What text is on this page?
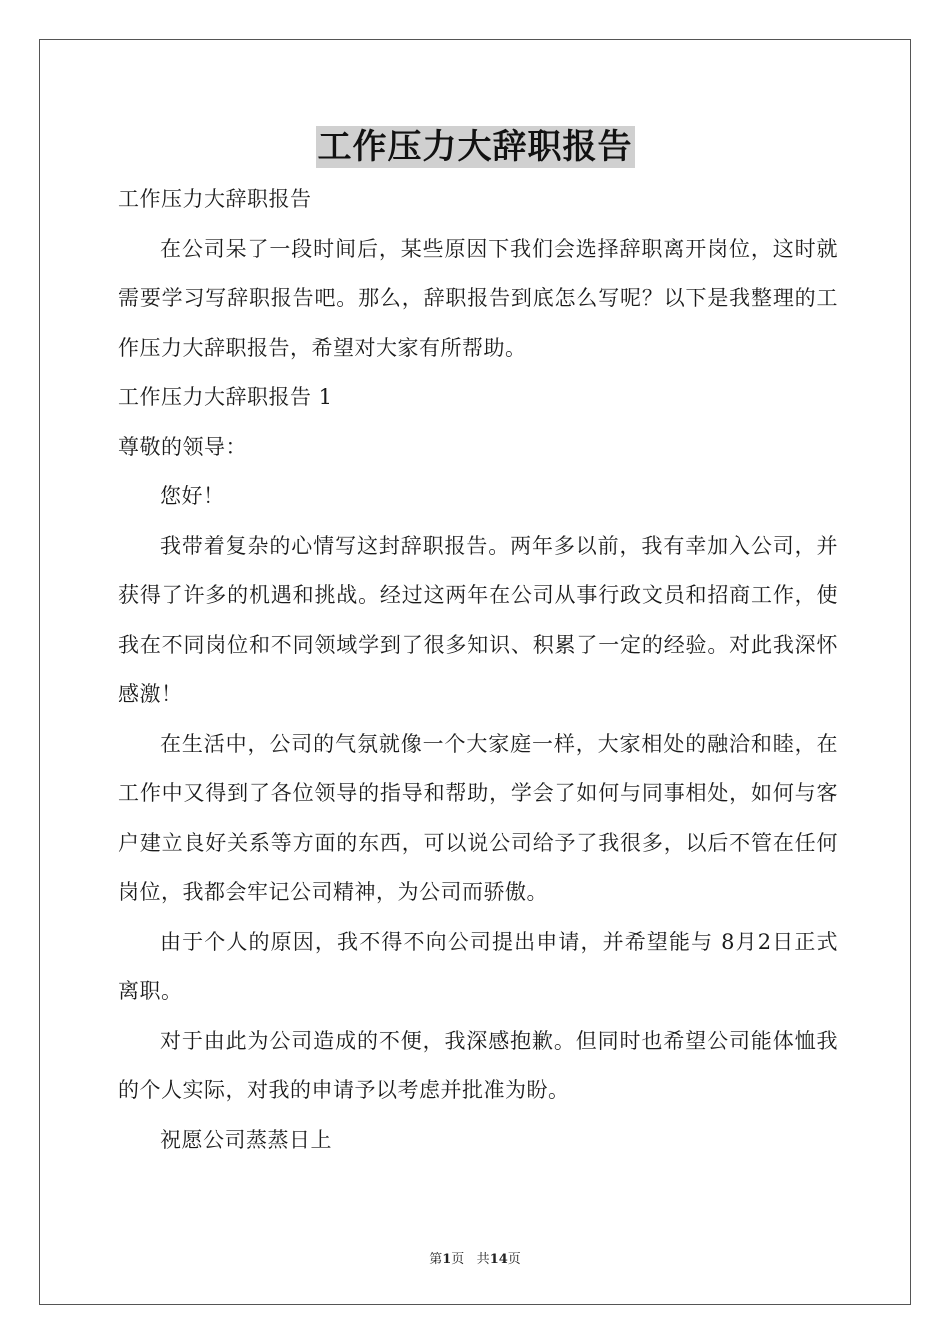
工作压力大辞职报告

工作压力大辞职报告

在公司呆了一段时间后，某些原因下我们会选择辞职离开岗位，这时就需要学习写辞职报告吧。那么，辞职报告到底怎么写呢？以下是我整理的工作压力大辞职报告，希望对大家有所帮助。

工作压力大辞职报告 1

尊敬的领导：

您好！

我带着复杂的心情写这封辞职报告。两年多以前，我有幸加入公司，并获得了许多的机遇和挑战。经过这两年在公司从事行政文员和招商工作，使我在不同岗位和不同领域学到了很多知识、积累了一定的经验。对此我深怀感激！

在生活中，公司的气氛就像一个大家庭一样，大家相处的融洽和睦，在工作中又得到了各位领导的指导和帮助，学会了如何与同事相处，如何与客户建立良好关系等方面的东西，可以说公司给予了我很多，以后不管在任何岗位，我都会牢记公司精神，为公司而骄傲。

由于个人的原因，我不得不向公司提出申请，并希望能与 8月2日正式离职。

对于由此为公司造成的不便，我深感抱歉。但同时也希望公司能体恤我的个人实际，对我的申请予以考虑并批准为盼。

祝愿公司蒸蒸日上

第1页 共14页
